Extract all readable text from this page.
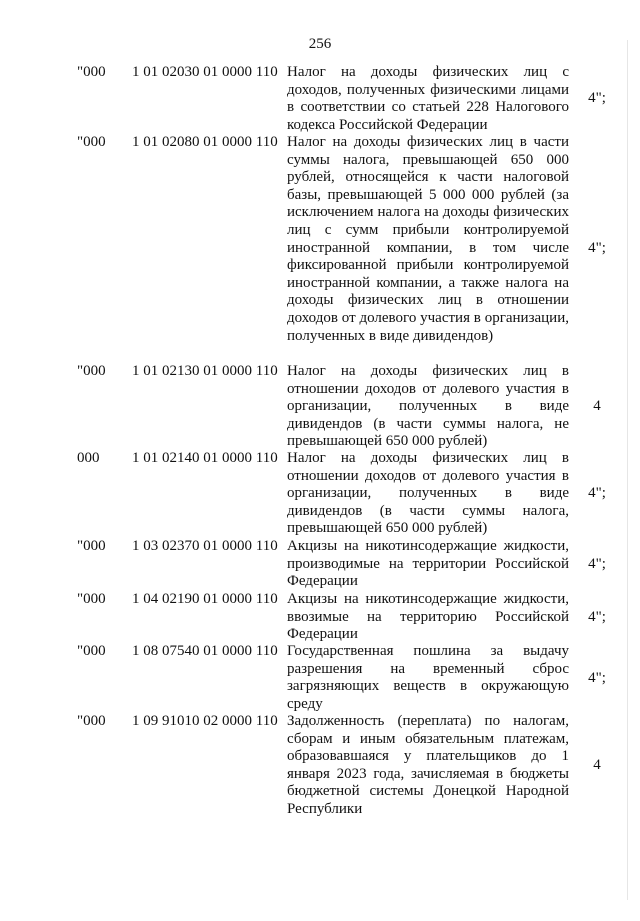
256
"000 1 01 02030 01 0000 110 Налог на доходы физических лиц с доходов, полученных физическими лицами в соответствии со статьей 228 Налогового кодекса Российской Федерации
4";
"000 1 01 02080 01 0000 110 Налог на доходы физических лиц в части суммы налога, превышающей 650 000 рублей, относящейся к части налоговой базы, превышающей 5 000 000 рублей (за исключением налога на доходы физических лиц с сумм прибыли контролируемой иностранной компании, в том числе фиксированной прибыли контролируемой иностранной компании, а также налога на доходы физических лиц в отношении доходов от долевого участия в организации, полученных в виде дивидендов)
4";
"000 1 01 02130 01 0000 110 Налог на доходы физических лиц в отношении доходов от долевого участия в организации, полученных в виде дивидендов (в части суммы налога, не превышающей 650 000 рублей)
4
000 1 01 02140 01 0000 110 Налог на доходы физических лиц в отношении доходов от долевого участия в организации, полученных в виде дивидендов (в части суммы налога, превышающей 650 000 рублей)
4";
"000 1 03 02370 01 0000 110 Акцизы на никотинсодержащие жидкости, производимые на территории Российской Федерации
4";
"000 1 04 02190 01 0000 110 Акцизы на никотинсодержащие жидкости, ввозимые на территорию Российской Федерации
4";
"000 1 08 07540 01 0000 110 Государственная пошлина за выдачу разрешения на временный сброс загрязняющих веществ в окружающую среду
4";
"000 1 09 91010 02 0000 110 Задолженность (переплата) по налогам, сборам и иным обязательным платежам, образовавшаяся у плательщиков до 1 января 2023 года, зачисляемая в бюджеты бюджетной системы Донецкой Народной Республики
4
